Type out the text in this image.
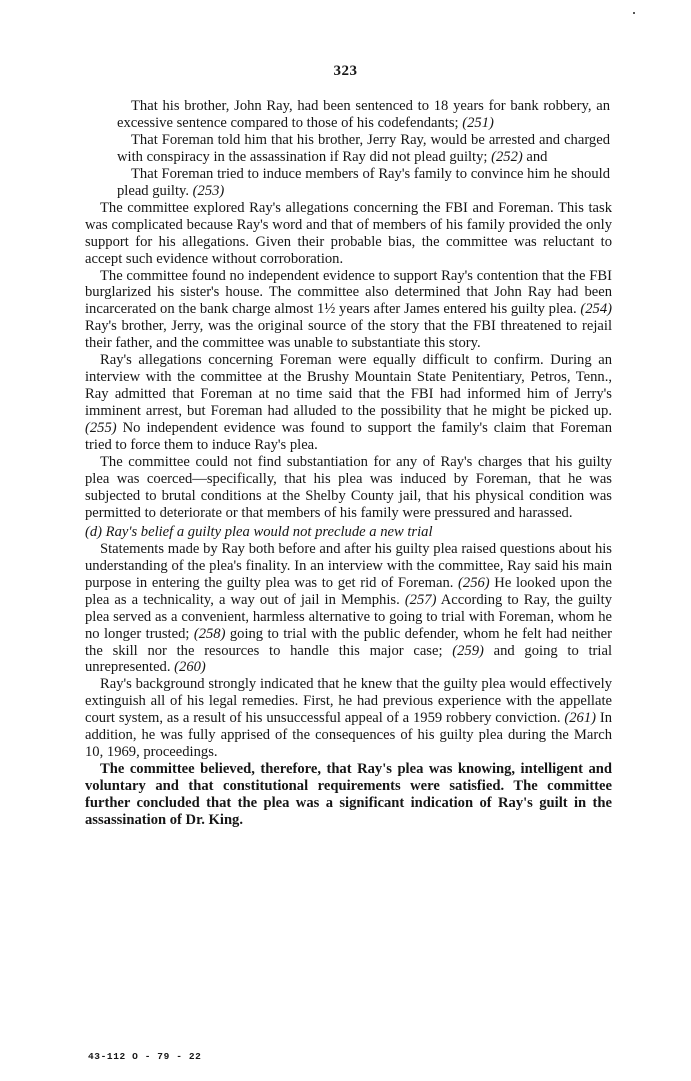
323

That his brother, John Ray, had been sentenced to 18 years for bank robbery, an excessive sentence compared to those of his codefendants; (251)

That Foreman told him that his brother, Jerry Ray, would be arrested and charged with conspiracy in the assassination if Ray did not plead guilty; (252) and

That Foreman tried to induce members of Ray's family to convince him he should plead guilty. (253)

The committee explored Ray's allegations concerning the FBI and Foreman. This task was complicated because Ray's word and that of members of his family provided the only support for his allegations. Given their probable bias, the committee was reluctant to accept such evidence without corroboration.

The committee found no independent evidence to support Ray's contention that the FBI burglarized his sister's house. The committee also determined that John Ray had been incarcerated on the bank charge almost 1½ years after James entered his guilty plea. (254) Ray's brother, Jerry, was the original source of the story that the FBI threatened to rejail their father, and the committee was unable to substantiate this story.

Ray's allegations concerning Foreman were equally difficult to confirm. During an interview with the committee at the Brushy Mountain State Penitentiary, Petros, Tenn., Ray admitted that Foreman at no time said that the FBI had informed him of Jerry's imminent arrest, but Foreman had alluded to the possibility that he might be picked up. (255) No independent evidence was found to support the family's claim that Foreman tried to force them to induce Ray's plea.

The committee could not find substantiation for any of Ray's charges that his guilty plea was coerced—specifically, that his plea was induced by Foreman, that he was subjected to brutal conditions at the Shelby County jail, that his physical condition was permitted to deteriorate or that members of his family were pressured and harassed.

(d) Ray's belief a guilty plea would not preclude a new trial

Statements made by Ray both before and after his guilty plea raised questions about his understanding of the plea's finality. In an interview with the committee, Ray said his main purpose in entering the guilty plea was to get rid of Foreman. (256) He looked upon the plea as a technicality, a way out of jail in Memphis. (257) According to Ray, the guilty plea served as a convenient, harmless alternative to going to trial with Foreman, whom he no longer trusted; (258) going to trial with the public defender, whom he felt had neither the skill nor the resources to handle this major case; (259) and going to trial unrepresented. (260)

Ray's background strongly indicated that he knew that the guilty plea would effectively extinguish all of his legal remedies. First, he had previous experience with the appellate court system, as a result of his unsuccessful appeal of a 1959 robbery conviction. (261) In addition, he was fully apprised of the consequences of his guilty plea during the March 10, 1969, proceedings.

The committee believed, therefore, that Ray's plea was knowing, intelligent and voluntary and that constitutional requirements were satisfied. The committee further concluded that the plea was a significant indication of Ray's guilt in the assassination of Dr. King.

43-112 O - 79 - 22
